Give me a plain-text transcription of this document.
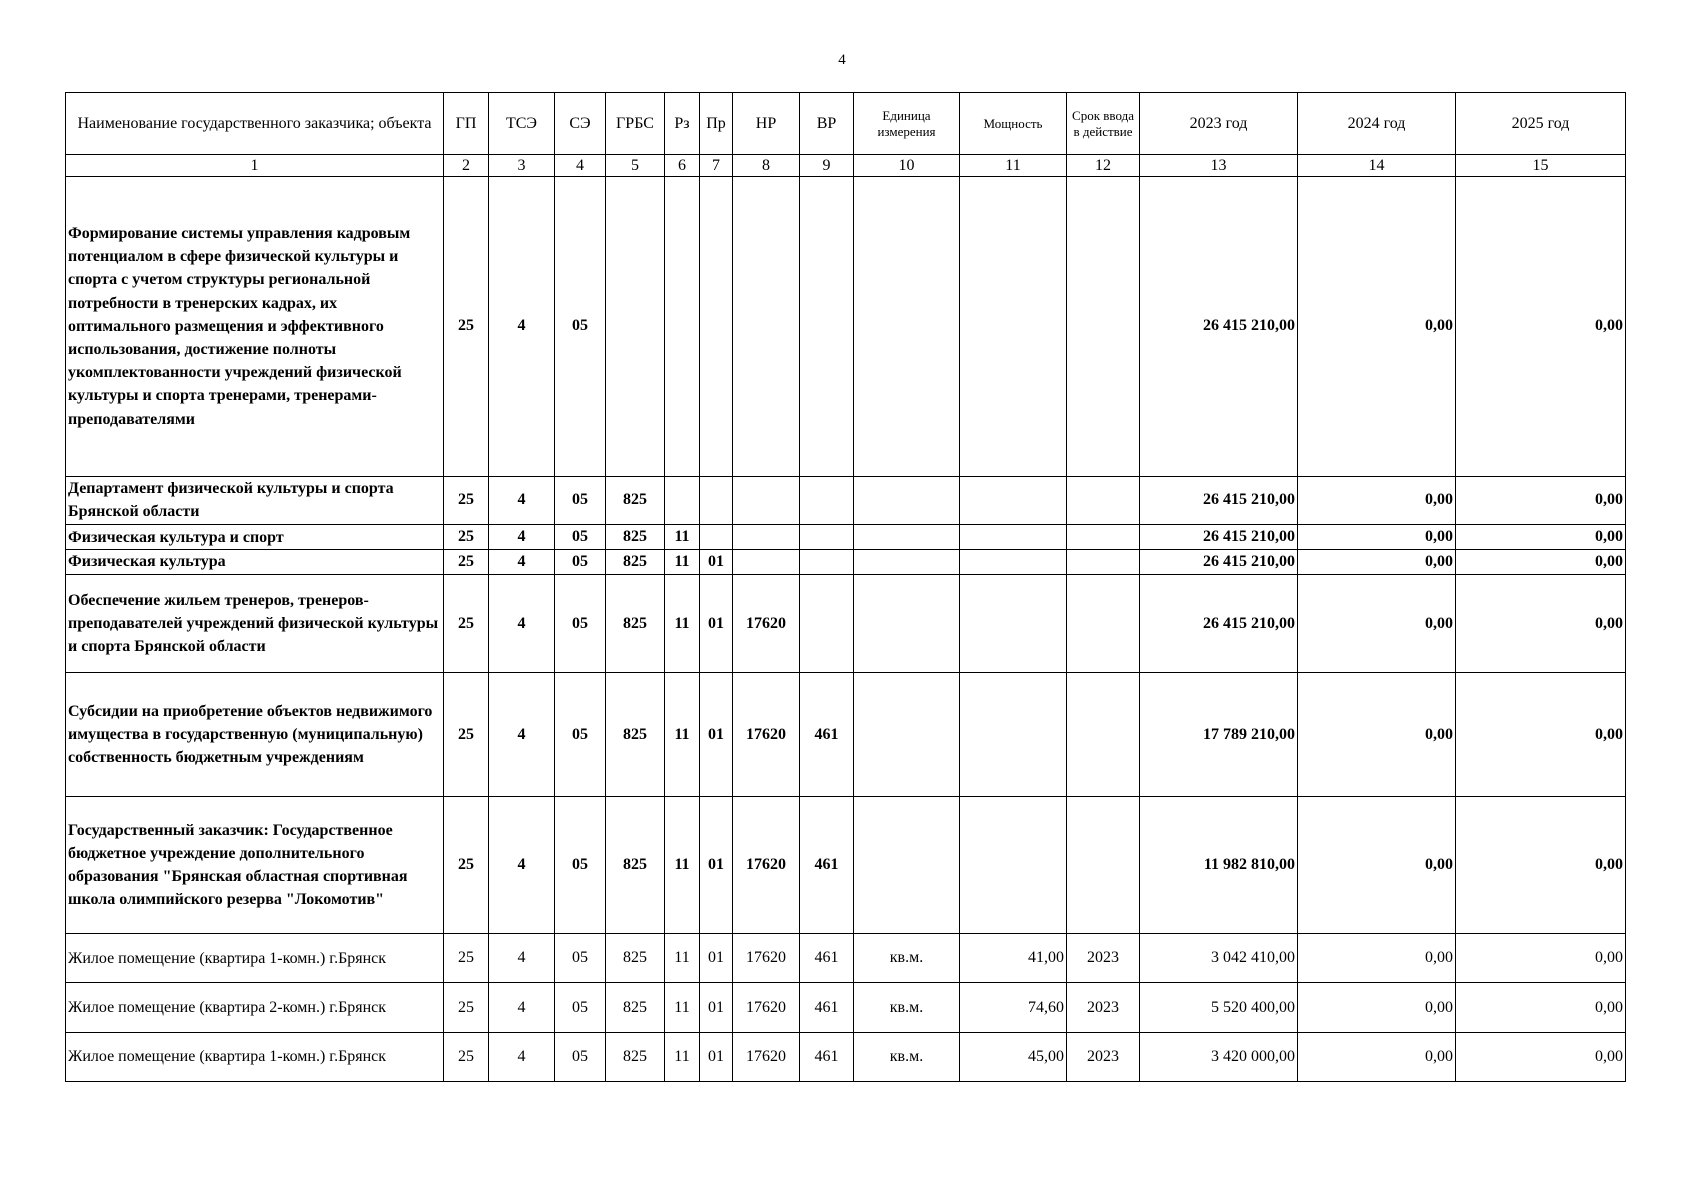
4
Наименование государственного заказчика; объекта	ГП	ТСЭ	СЭ	ГРБС	Рз	Пр	НР	ВР	Единица измерения	Мощность	Срок ввода в действие	2023 год	2024 год	2025 год
1	2	3	4	5	6	7	8	9	10	11	12	13	14	15
Формирование системы управления кадровым потенциалом в сфере физической культуры и спорта с учетом структуры региональной потребности в тренерских кадрах, их оптимального размещения и эффективного использования, достижение полноты укомплектованности учреждений физической культуры и спорта тренерами, тренерами-преподавателями	25	4	05									26 415 210,00	0,00	0,00
Департамент физической культуры и спорта Брянской области	25	4	05	825								26 415 210,00	0,00	0,00
Физическая культура и спорт	25	4	05	825	11							26 415 210,00	0,00	0,00
Физическая культура	25	4	05	825	11	01						26 415 210,00	0,00	0,00
Обеспечение жильем тренеров, тренеров-преподавателей учреждений физической культуры и спорта Брянской области	25	4	05	825	11	01	17620					26 415 210,00	0,00	0,00
Субсидии на приобретение объектов недвижимого имущества в государственную (муниципальную) собственность бюджетным учреждениям	25	4	05	825	11	01	17620	461				17 789 210,00	0,00	0,00
Государственный заказчик: Государственное бюджетное учреждение дополнительного образования "Брянская областная спортивная школа олимпийского резерва "Локомотив"	25	4	05	825	11	01	17620	461				11 982 810,00	0,00	0,00
Жилое помещение (квартира 1-комн.) г.Брянск	25	4	05	825	11	01	17620	461	кв.м.	41,00	2023	3 042 410,00	0,00	0,00
Жилое помещение (квартира 2-комн.) г.Брянск	25	4	05	825	11	01	17620	461	кв.м.	74,60	2023	5 520 400,00	0,00	0,00
Жилое помещение (квартира 1-комн.) г.Брянск	25	4	05	825	11	01	17620	461	кв.м.	45,00	2023	3 420 000,00	0,00	0,00
